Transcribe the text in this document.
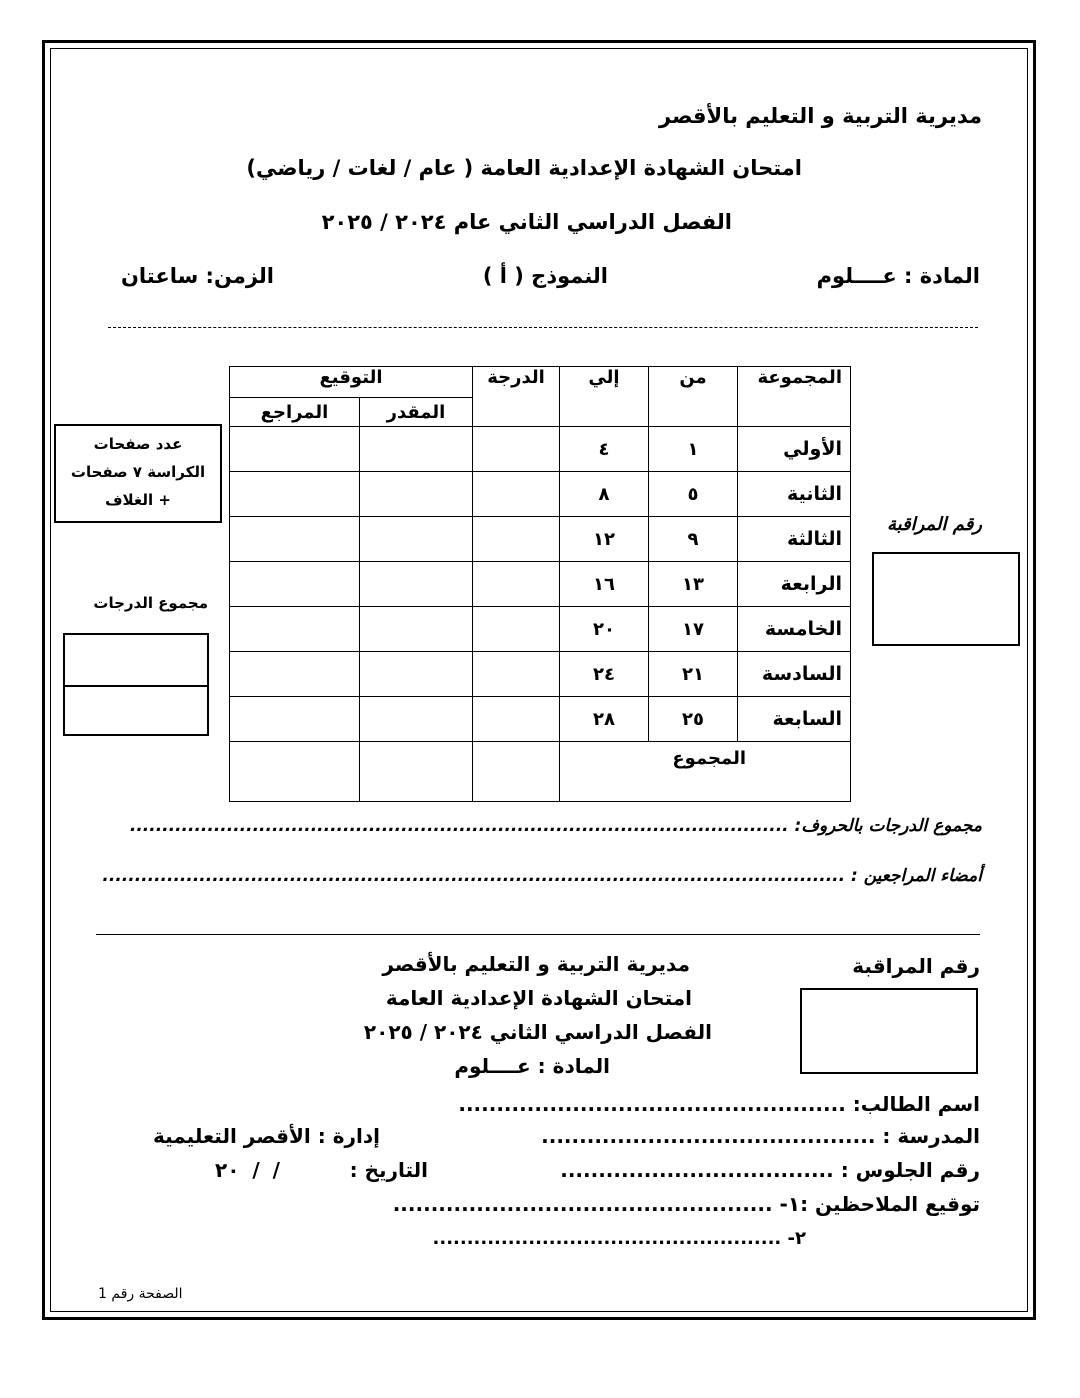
مديرية التربية و التعليم بالأقصر
امتحان الشهادة الإعدادية العامة ( عام / لغات / رياضي)
الفصل الدراسي الثاني عام ٢٠٢٤ / ٢٠٢٥
المادة : عــــلوم
النموذج ( أ )
الزمن: ساعتان
المجموعة	من	إلي	الدرجة	التوقيع	
				المقدر	المراجع
الأولي	١	٤			
الثانية	٥	٨			
الثالثة	٩	١٢			
الرابعة	١٣	١٦			
الخامسة	١٧	٢٠			
السادسة	٢١	٢٤			
السابعة	٢٥	٢٨			
المجموع					
عدد صفحات
الكراسة ٧ صفحات
+ الغلاف
مجموع الدرجات
رقم المراقبة
مجموع الدرجات بالحروف: ......................................................................................................
أمضاء المراجعين : ...................................................................................................................
رقم المراقبة
مديرية التربية و التعليم بالأقصر
امتحان الشهادة الإعدادية العامة
الفصل الدراسي الثاني ٢٠٢٤ / ٢٠٢٥
المادة : عــــلوم
اسم الطالب: ...................................................
المدرسة : ............................................
إدارة : الأقصر التعليمية
رقم الجلوس : ....................................
التاريخ :
/ / ٢٠
توقيع الملاحظين :١- ..................................................
٢- ...................................................
الصفحة رقم 1
